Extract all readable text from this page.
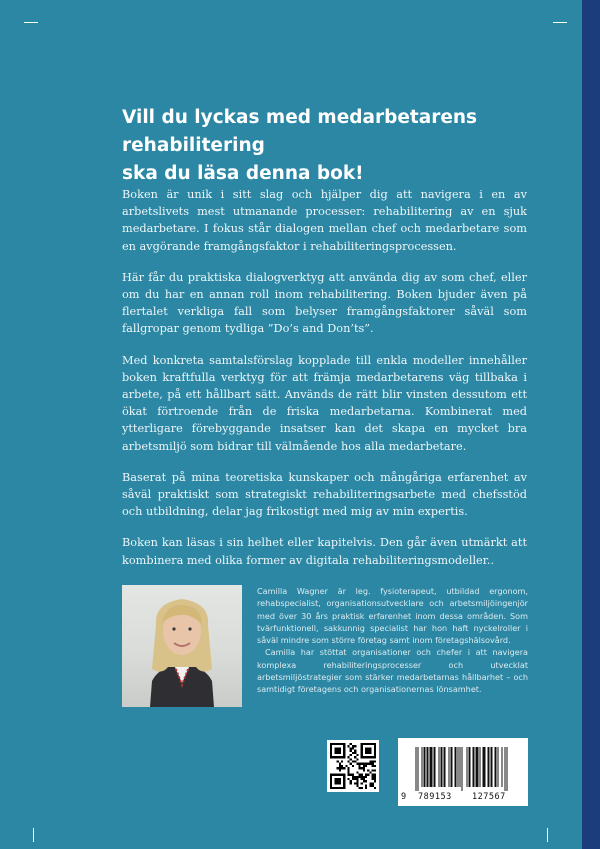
Vill du lyckas med medarbetarens rehabilitering
ska du läsa denna bok!

Boken är unik i sitt slag och hjälper dig att navigera i en av arbetslivets mest utmanande processer: rehabilitering av en sjuk medarbetare. I fokus står dialogen mellan chef och medarbetare som en avgörande framgångsfaktor i rehabiliteringsprocessen.

Här får du praktiska dialogverktyg att använda dig av som chef, eller om du har en annan roll inom rehabilitering. Boken bjuder även på flertalet verkliga fall som belyser framgångsfaktorer såväl som fallgropar genom tydliga ”Do’s and Don’ts”.

Med konkreta samtalsförslag kopplade till enkla modeller innehåller boken kraftfulla verktyg för att främja medarbetarens väg tillbaka i arbete, på ett hållbart sätt. Används de rätt blir vinsten dessutom ett ökat förtroende från de friska medarbetarna. Kombinerat med ytterligare förebyggande insatser kan det skapa en mycket bra arbetsmiljö som bidrar till välmående hos alla medarbetare.

Baserat på mina teoretiska kunskaper och mångåriga erfarenhet av såväl praktiskt som strategiskt rehabiliteringsarbete med chefsstöd och utbildning, delar jag frikostigt med mig av min expertis.

Boken kan läsas i sin helhet eller kapitelvis. Den går även utmärkt att kombinera med olika former av digitala rehabiliteringsmodeller..

Camilla Wagner är leg. fysioterapeut, utbildad ergonom, rehabspecialist, organisationsutvecklare och arbetsmiljöingenjör med över 30 års praktisk erfarenhet inom dessa områden. Som tvärfunktionell, sakkunnig specialist har hon haft nyckelroller i såväl mindre som större företag samt inom företagshälsovård.

Camilla har stöttat organisationer och chefer i att navigera komplexa rehabiliteringsprocesser och utvecklat arbetsmiljöstrategier som stärker medarbetarnas hållbarhet – och samtidigt företagens och organisationernas lönsamhet.

9 789153 127567
